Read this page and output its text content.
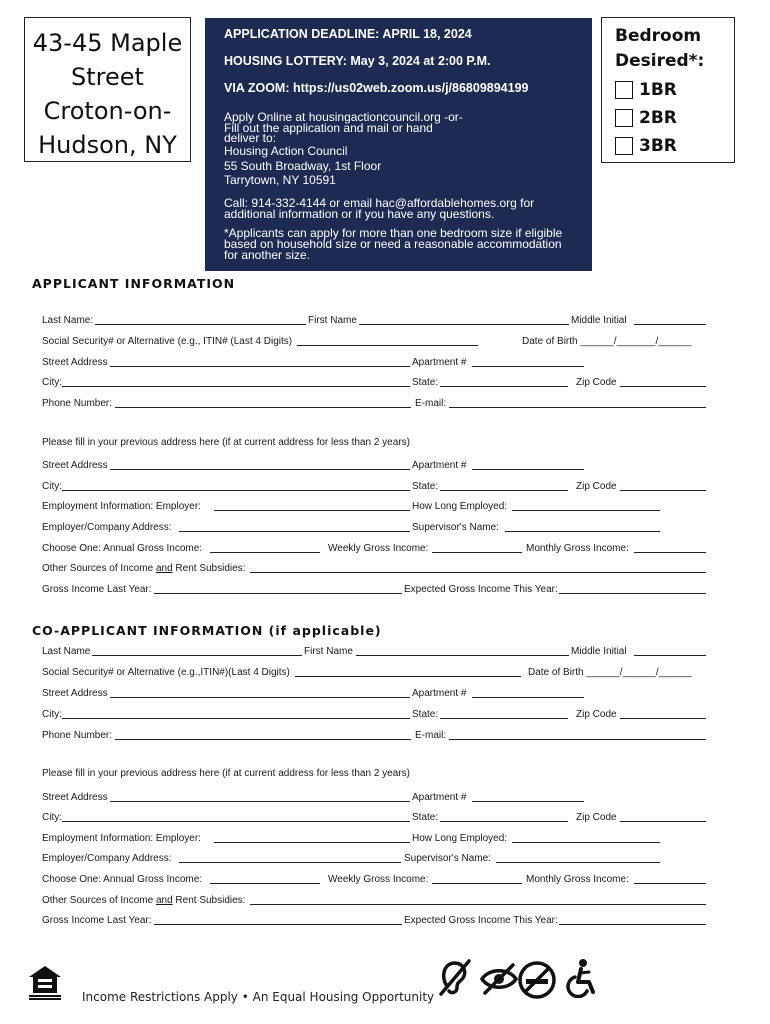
43-45 Maple
Street
Croton-on-
Hudson, NY
APPLICATION DEADLINE: APRIL 18, 2024
HOUSING LOTTERY: May 3, 2024 at 2:00 P.M.
VIA ZOOM: https://us02web.zoom.us/j/86809894199
Apply Online at housingactioncouncil.org -or-
Fill out the application and mail or hand
deliver to:
Housing Action Council
55 South Broadway, 1st Floor
Tarrytown, NY 10591
Call: 914-332-4144 or email hac@affordablehomes.org for
additional information or if you have any questions.
*Applicants can apply for more than one bedroom size if eligible
based on household size or need a reasonable accommodation
for another size.
Bedroom
Desired*:
1BR
2BR
3BR
APPLICANT INFORMATION
Last Name:	First Name	Middle Initial
Social Security# or Alternative (e.g., ITIN# (Last 4 Digits)	Date of Birth ______/_______/______
Street Address	Apartment #
City:	State:	Zip Code
Phone Number:	E-mail:
Please fill in your previous address here (if at current address for less than 2 years)
Street Address	Apartment #
City:	State:	Zip Code
Employment Information: Employer:	How Long Employed:
Employer/Company Address:	Supervisor's Name:
Choose One: Annual Gross Income:	Weekly Gross Income:	Monthly Gross Income:
Other Sources of Income and Rent Subsidies:
Gross Income Last Year:	Expected Gross Income This Year:
CO-APPLICANT INFORMATION (if applicable)
Last Name	First Name	Middle Initial
Social Security# or Alternative (e.g.,ITIN#)(Last 4 Digits)	Date of Birth ______/______/______
Street Address	Apartment #
City:	State:	Zip Code
Phone Number:	E-mail:
Please fill in your previous address here (if at current address for less than 2 years)
Street Address	Apartment #
City:	State:	Zip Code
Employment Information: Employer:	How Long Employed:
Employer/Company Address:	Supervisor's Name:
Choose One: Annual Gross Income:	Weekly Gross Income:	Monthly Gross Income:
Other Sources of Income and Rent Subsidies:
Gross Income Last Year:	Expected Gross Income This Year:
Income Restrictions Apply • An Equal Housing Opportunity
